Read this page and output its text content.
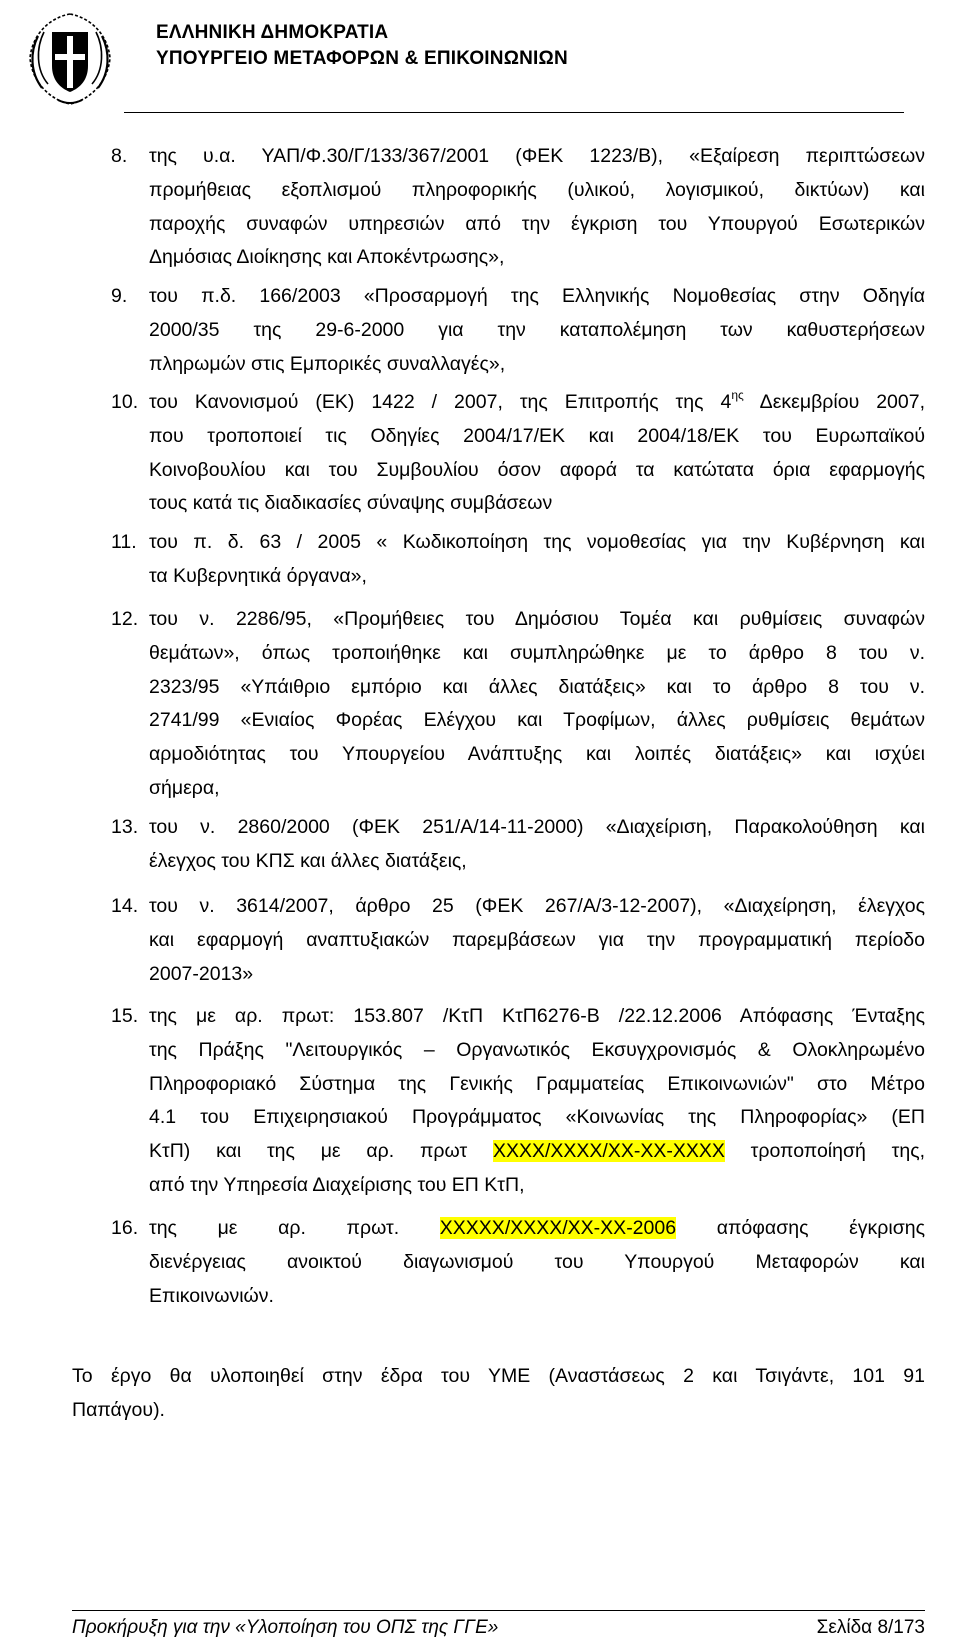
ΕΛΛΗΝΙΚΗ ΔΗΜΟΚΡΑΤΙΑ
ΥΠΟΥΡΓΕΙΟ ΜΕΤΑΦΟΡΩΝ & ΕΠΙΚΟΙΝΩΝΙΩΝ
8. της υ.α. ΥΑΠ/Φ.30/Γ/133/367/2001 (ΦΕΚ 1223/Β), «Εξαίρεση περιπτώσεων
προμήθειας εξοπλισμού πληροφορικής (υλικού, λογισμικού, δικτύων) και
παροχής συναφών υπηρεσιών από την έγκριση του Υπουργού Εσωτερικών
Δημόσιας Διοίκησης και Αποκέντρωσης»,
9. του π.δ. 166/2003 «Προσαρμογή της Ελληνικής Νομοθεσίας στην Οδηγία
2000/35 της 29-6-2000 για την καταπολέμηση των καθυστερήσεων
πληρωμών στις Εμπορικές συναλλαγές»,
10. του Κανονισμού (ΕΚ) 1422 / 2007, της Επιτροπής της $4^{\eta\varsigma}$ Δεκεμβρίου 2007,
που τροποποιεί τις Οδηγίες 2004/17/ΕΚ και 2004/18/ΕΚ του Ευρωπαϊκού
Κοινοβουλίου και του Συμβουλίου όσον αφορά τα κατώτατα όρια εφαρμογής
τους κατά τις διαδικασίες σύναψης συμβάσεων
11. του π. δ. 63 / 2005 « Κωδικοποίηση της νομοθεσίας για την Κυβέρνηση και
τα Κυβερνητικά όργανα»,
12. του ν. 2286/95, «Προμήθειες του Δημόσιου Τομέα και ρυθμίσεις συναφών
θεμάτων», όπως τροποιήθηκε και συμπληρώθηκε με το άρθρο 8 του ν.
2323/95 «Υπάιθριο εμπόριο και άλλες διατάξεις» και το άρθρο 8 του ν.
2741/99 «Ενιαίος Φορέας Ελέγχου και Τροφίμων, άλλες ρυθμίσεις θεμάτων
αρμοδιότητας του Υπουργείου Ανάπτυξης και λοιπές διατάξεις» και ισχύει
σήμερα,
13. του ν. 2860/2000 (ΦΕΚ 251/Α/14-11-2000) «Διαχείριση, Παρακολούθηση και
έλεγχος του ΚΠΣ και άλλες διατάξεις,
14. του ν. 3614/2007, άρθρο 25 (ΦΕΚ 267/Α/3-12-2007), «Διαχείρηση, έλεγχος
και εφαρμογή αναπτυξιακών παρεμβάσεων για την προγραμματική περίοδο
2007-2013»
15. της με αρ. πρωτ: 153.807 /ΚτΠ ΚτΠ6276-Β /22.12.2006 Απόφασης Ένταξης
της Πράξης "Λειτουργικός – Οργανωτικός Εκσυγχρονισμός & Ολοκληρωμένο
Πληροφοριακό Σύστημα της Γενικής Γραμματείας Επικοινωνιών" στο Μέτρο
4.1 του Επιχειρησιακού Προγράμματος «Κοινωνίας της Πληροφορίας» (ΕΠ
ΚτΠ) και της με αρ. πρωτ XXXX/XXXX/XX-XX-XXXX τροποποίησή της,
από την Υπηρεσία Διαχείρισης του ΕΠ ΚτΠ,
16. της με αρ. πρωτ. XXXXX/XXXX/XX-XX-2006 απόφασης έγκρισης
διενέργειας ανοικτού διαγωνισμού του Υπουργού Μεταφορών και
Επικοινωνιών.
Το έργο θα υλοποιηθεί στην έδρα του ΥΜΕ (Αναστάσεως 2 και Τσιγάντε, 101 91
Παπάγου).
Προκήρυξη για την «Υλοποίηση του ΟΠΣ της ΓΓΕ»	Σελίδα 8/173
